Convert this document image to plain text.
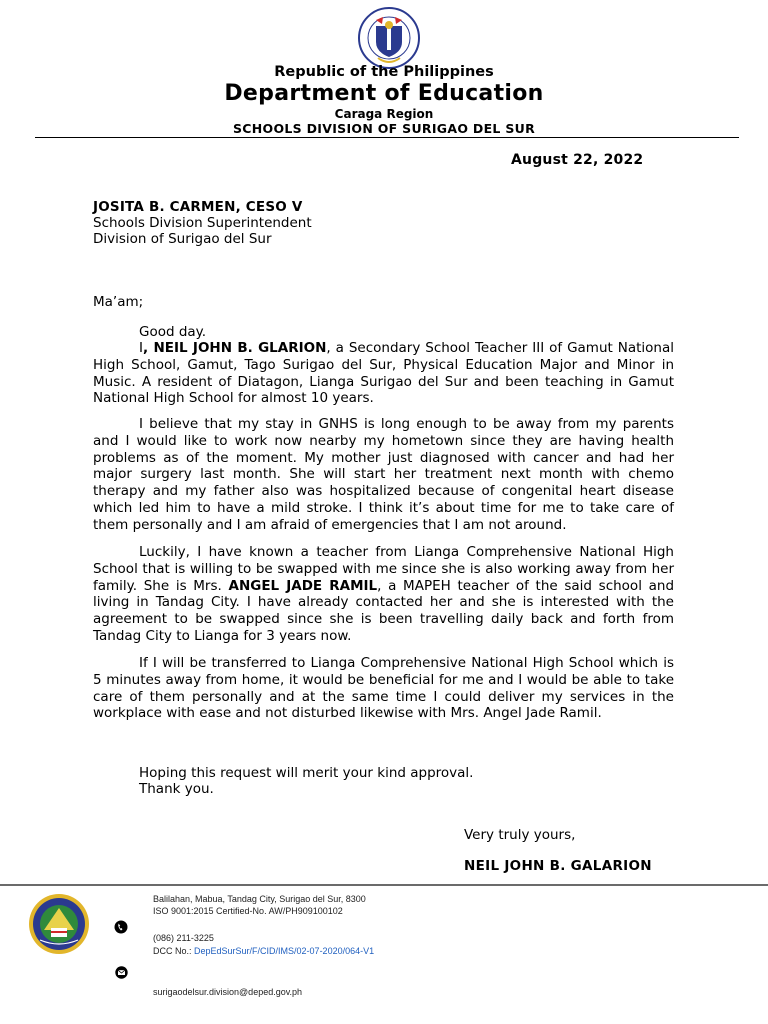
Republic of the Philippines
Department of Education
Caraga Region
SCHOOLS DIVISION OF SURIGAO DEL SUR
August 22, 2022
JOSITA B. CARMEN, CESO V
Schools Division Superintendent
Division of Surigao del Sur
Ma’am;
Good day.
I, NEIL JOHN B. GLARION, a Secondary School Teacher III of Gamut National High School, Gamut, Tago Surigao del Sur, Physical Education Major and Minor in Music. A resident of Diatagon, Lianga Surigao del Sur and been teaching in Gamut National High School for almost 10 years.
I believe that my stay in GNHS is long enough to be away from my parents and I would like to work now nearby my hometown since they are having health problems as of the moment. My mother just diagnosed with cancer and had her major surgery last month. She will start her treatment next month with chemo therapy and my father also was hospitalized because of congenital heart disease which led him to have a mild stroke. I think it’s about time for me to take care of them personally and I am afraid of emergencies that I am not around.
Luckily, I have known a teacher from Lianga Comprehensive National High School that is willing to be swapped with me since she is also working away from her family. She is Mrs. ANGEL JADE RAMIL, a MAPEH teacher of the said school and living in Tandag City. I have already contacted her and she is interested with the agreement to be swapped since she is been travelling daily back and forth from Tandag City to Lianga for 3 years now.
If I will be transferred to Lianga Comprehensive National High School which is 5 minutes away from home, it would be beneficial for me and I would be able to take care of them personally and at the same time I could deliver my services in the workplace with ease and not disturbed likewise with Mrs. Angel Jade Ramil.
Hoping this request will merit your kind approval.
Thank you.
Very truly yours,
NEIL JOHN B. GALARION
Balilahan, Mabua, Tandag City, Surigao del Sur, 8300
ISO 9001:2015 Certified-No. AW/PH909100102
(086) 211-3225
DCC No.: DepEdSurSur/F/CID/IMS/02-07-2020/064-V1
surigaodelsur.division@deped.gov.ph
